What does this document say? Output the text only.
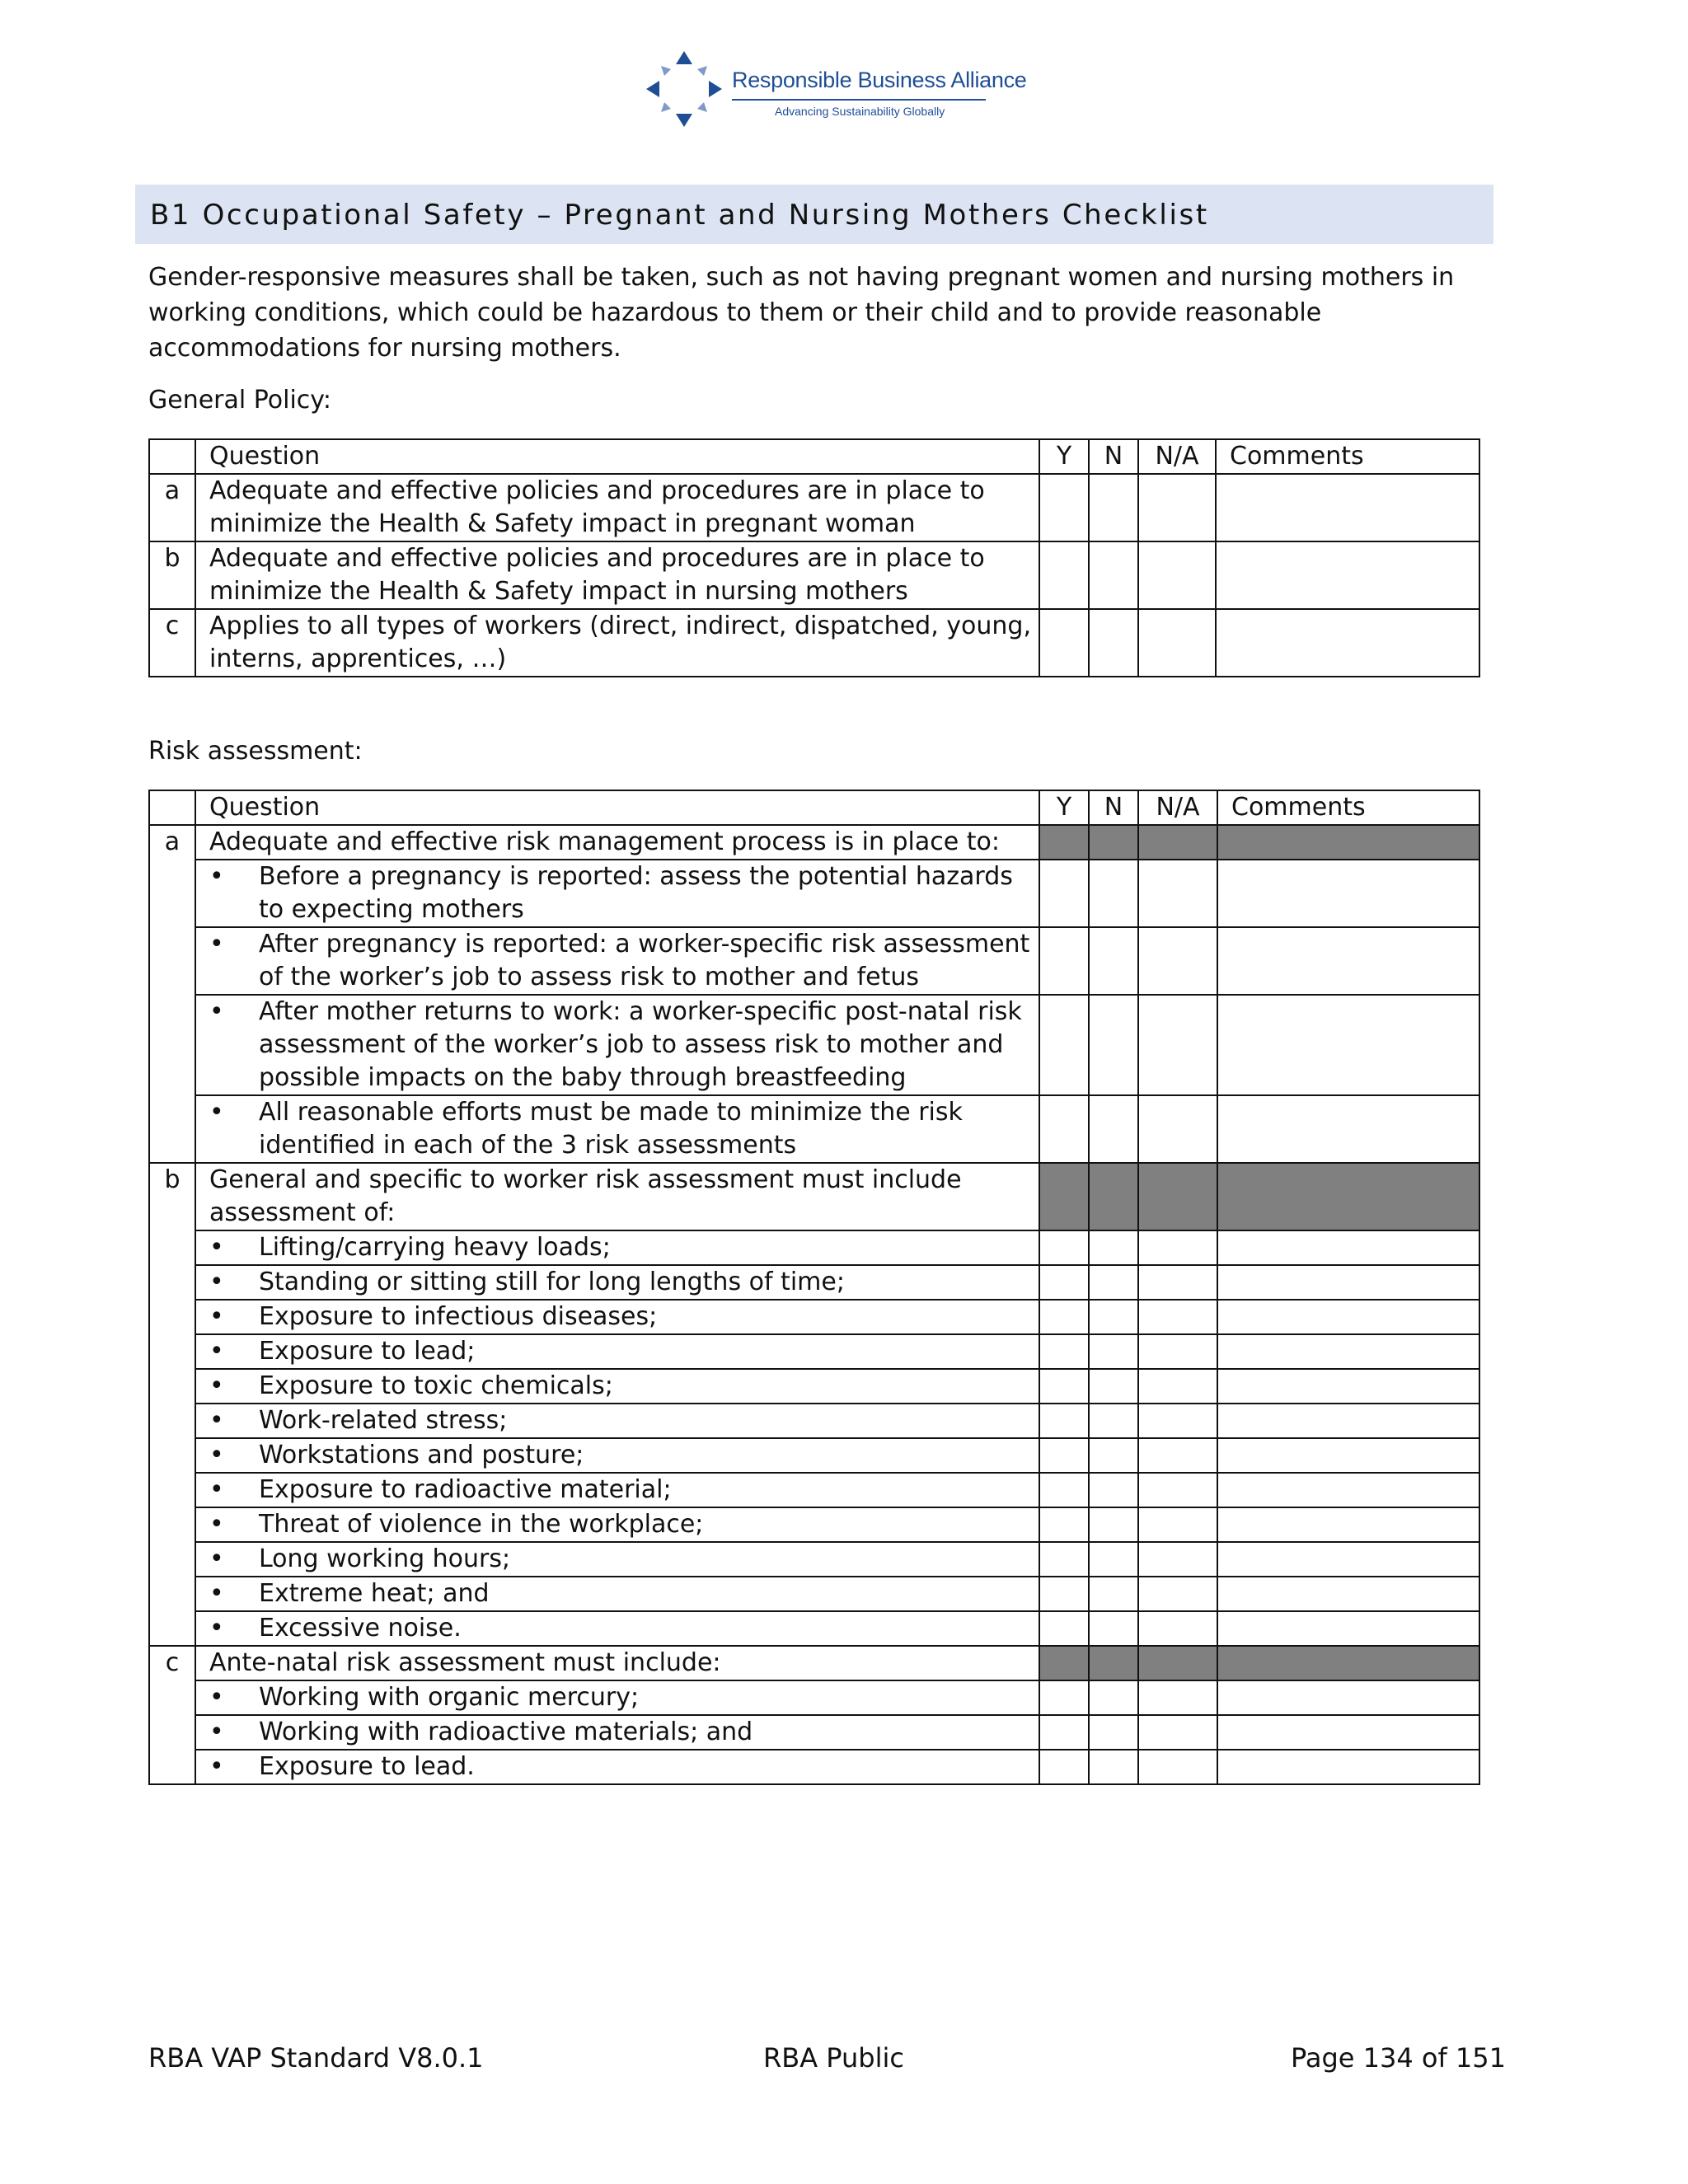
Responsible Business Alliance
Advancing Sustainability Globally
B1 Occupational Safety – Pregnant and Nursing Mothers Checklist
Gender-responsive measures shall be taken, such as not having pregnant women and nursing mothers in working conditions, which could be hazardous to them or their child and to provide reasonable accommodations for nursing mothers.
General Policy:
	Question	Y	N	N/A	Comments
a	Adequate and effective policies and procedures are in place to minimize the Health & Safety impact in pregnant woman				
b	Adequate and effective policies and procedures are in place to minimize the Health & Safety impact in nursing mothers				
c	Applies to all types of workers (direct, indirect, dispatched, young, interns, apprentices, …)				
Risk assessment:
	Question	Y	N	N/A	Comments
a	Adequate and effective risk management process is in place to:				

	• Before a pregnancy is reported: assess the potential hazards to expecting mothers				

	• After pregnancy is reported: a worker-specific risk assessment of the worker’s job to assess risk to mother and fetus				

	• After mother returns to work: a worker-specific post-natal risk assessment of the worker’s job to assess risk to mother and possible impacts on the baby through breastfeeding				

	• All reasonable efforts must be made to minimize the risk identified in each of the 3 risk assessments				

b	General and specific to worker risk assessment must include assessment of:				

	• Lifting/carrying heavy loads;				

	• Standing or sitting still for long lengths of time;				

	• Exposure to infectious diseases;				

	• Exposure to lead;				

	• Exposure to toxic chemicals;				

	• Work-related stress;				

	• Workstations and posture;				

	• Exposure to radioactive material;				

	• Threat of violence in the workplace;				

	• Long working hours;				

	• Extreme heat; and				

	• Excessive noise.				

c	Ante-natal risk assessment must include:				

	• Working with organic mercury;				

	• Working with radioactive materials; and				

	• Exposure to lead.				

RBA VAP Standard V8.0.1	RBA Public	Page 134 of 151
